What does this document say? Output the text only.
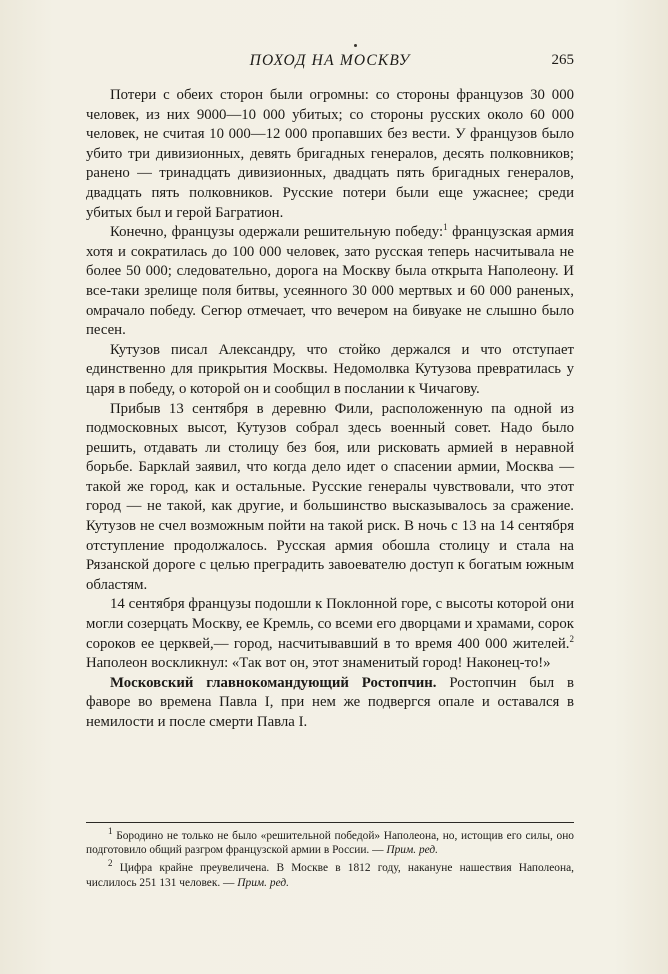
ПОХОД НА МОСКВУ	265

Потери с обеих сторон были огромны: со стороны французов 30 000 человек, из них 9000—10 000 убитых; со стороны русских около 60 000 человек, не считая 10 000—12 000 пропавших без вести. У французов было убито три дивизионных, девять бригадных генералов, десять полковников; ранено — тринадцать дивизионных, двадцать пять бригадных генералов, двадцать пять полковников. Русские потери были еще ужаснее; среди убитых был и герой Багратион.

Конечно, французы одержали решительную победу:$^1$ французская армия хотя и сократилась до 100 000 человек, зато русская теперь насчитывала не более 50 000; следовательно, дорога на Москву была открыта Наполеону. И все-таки зрелище поля битвы, усеянного 30 000 мертвых и 60 000 раненых, омрачало победу. Сегюр отмечает, что вечером на бивуаке не слышно было песен.

Кутузов писал Александру, что стойко держался и что отступает единственно для прикрытия Москвы. Недомолвка Кутузова превратилась у царя в победу, о которой он и сообщил в послании к Чичагову.

Прибыв 13 сентября в деревню Фили, расположенную па одной из подмосковных высот, Кутузов собрал здесь военный совет. Надо было решить, отдавать ли столицу без боя, или рисковать армией в неравной борьбе. Барклай заявил, что когда дело идет о спасении армии, Москва — такой же город, как и остальные. Русские генералы чувствовали, что этот город — не такой, как другие, и большинство высказывалось за сражение. Кутузов не счел возможным пойти на такой риск. В ночь с 13 на 14 сентября отступление продолжалось. Русская армия обошла столицу и стала на Рязанской дороге с целью преградить завоевателю доступ к богатым южным областям.

14 сентября французы подошли к Поклонной горе, с высоты которой они могли созерцать Москву, ее Кремль, со всеми его дворцами и храмами, сорок сороков ее церквей,— город, насчитывавший в то время 400 000 жителей.$^2$ Наполеон воскликнул: «Так вот он, этот знаменитый город! Наконец-то!»

Московский главнокомандующий Ростопчин. Ростопчин был в фаворе во времена Павла I, при нем же подвергся опале и оставался в немилости и после смерти Павла I.

$^1$ Бородино не только не было «решительной победой» Наполеона, но, истощив его силы, оно подготовило общий разгром французской армии в России. — Прим. ред.

$^2$ Цифра крайне преувеличена. В Москве в 1812 году, накануне нашествия Наполеона, числилось 251 131 человек. — Прим. ред.
